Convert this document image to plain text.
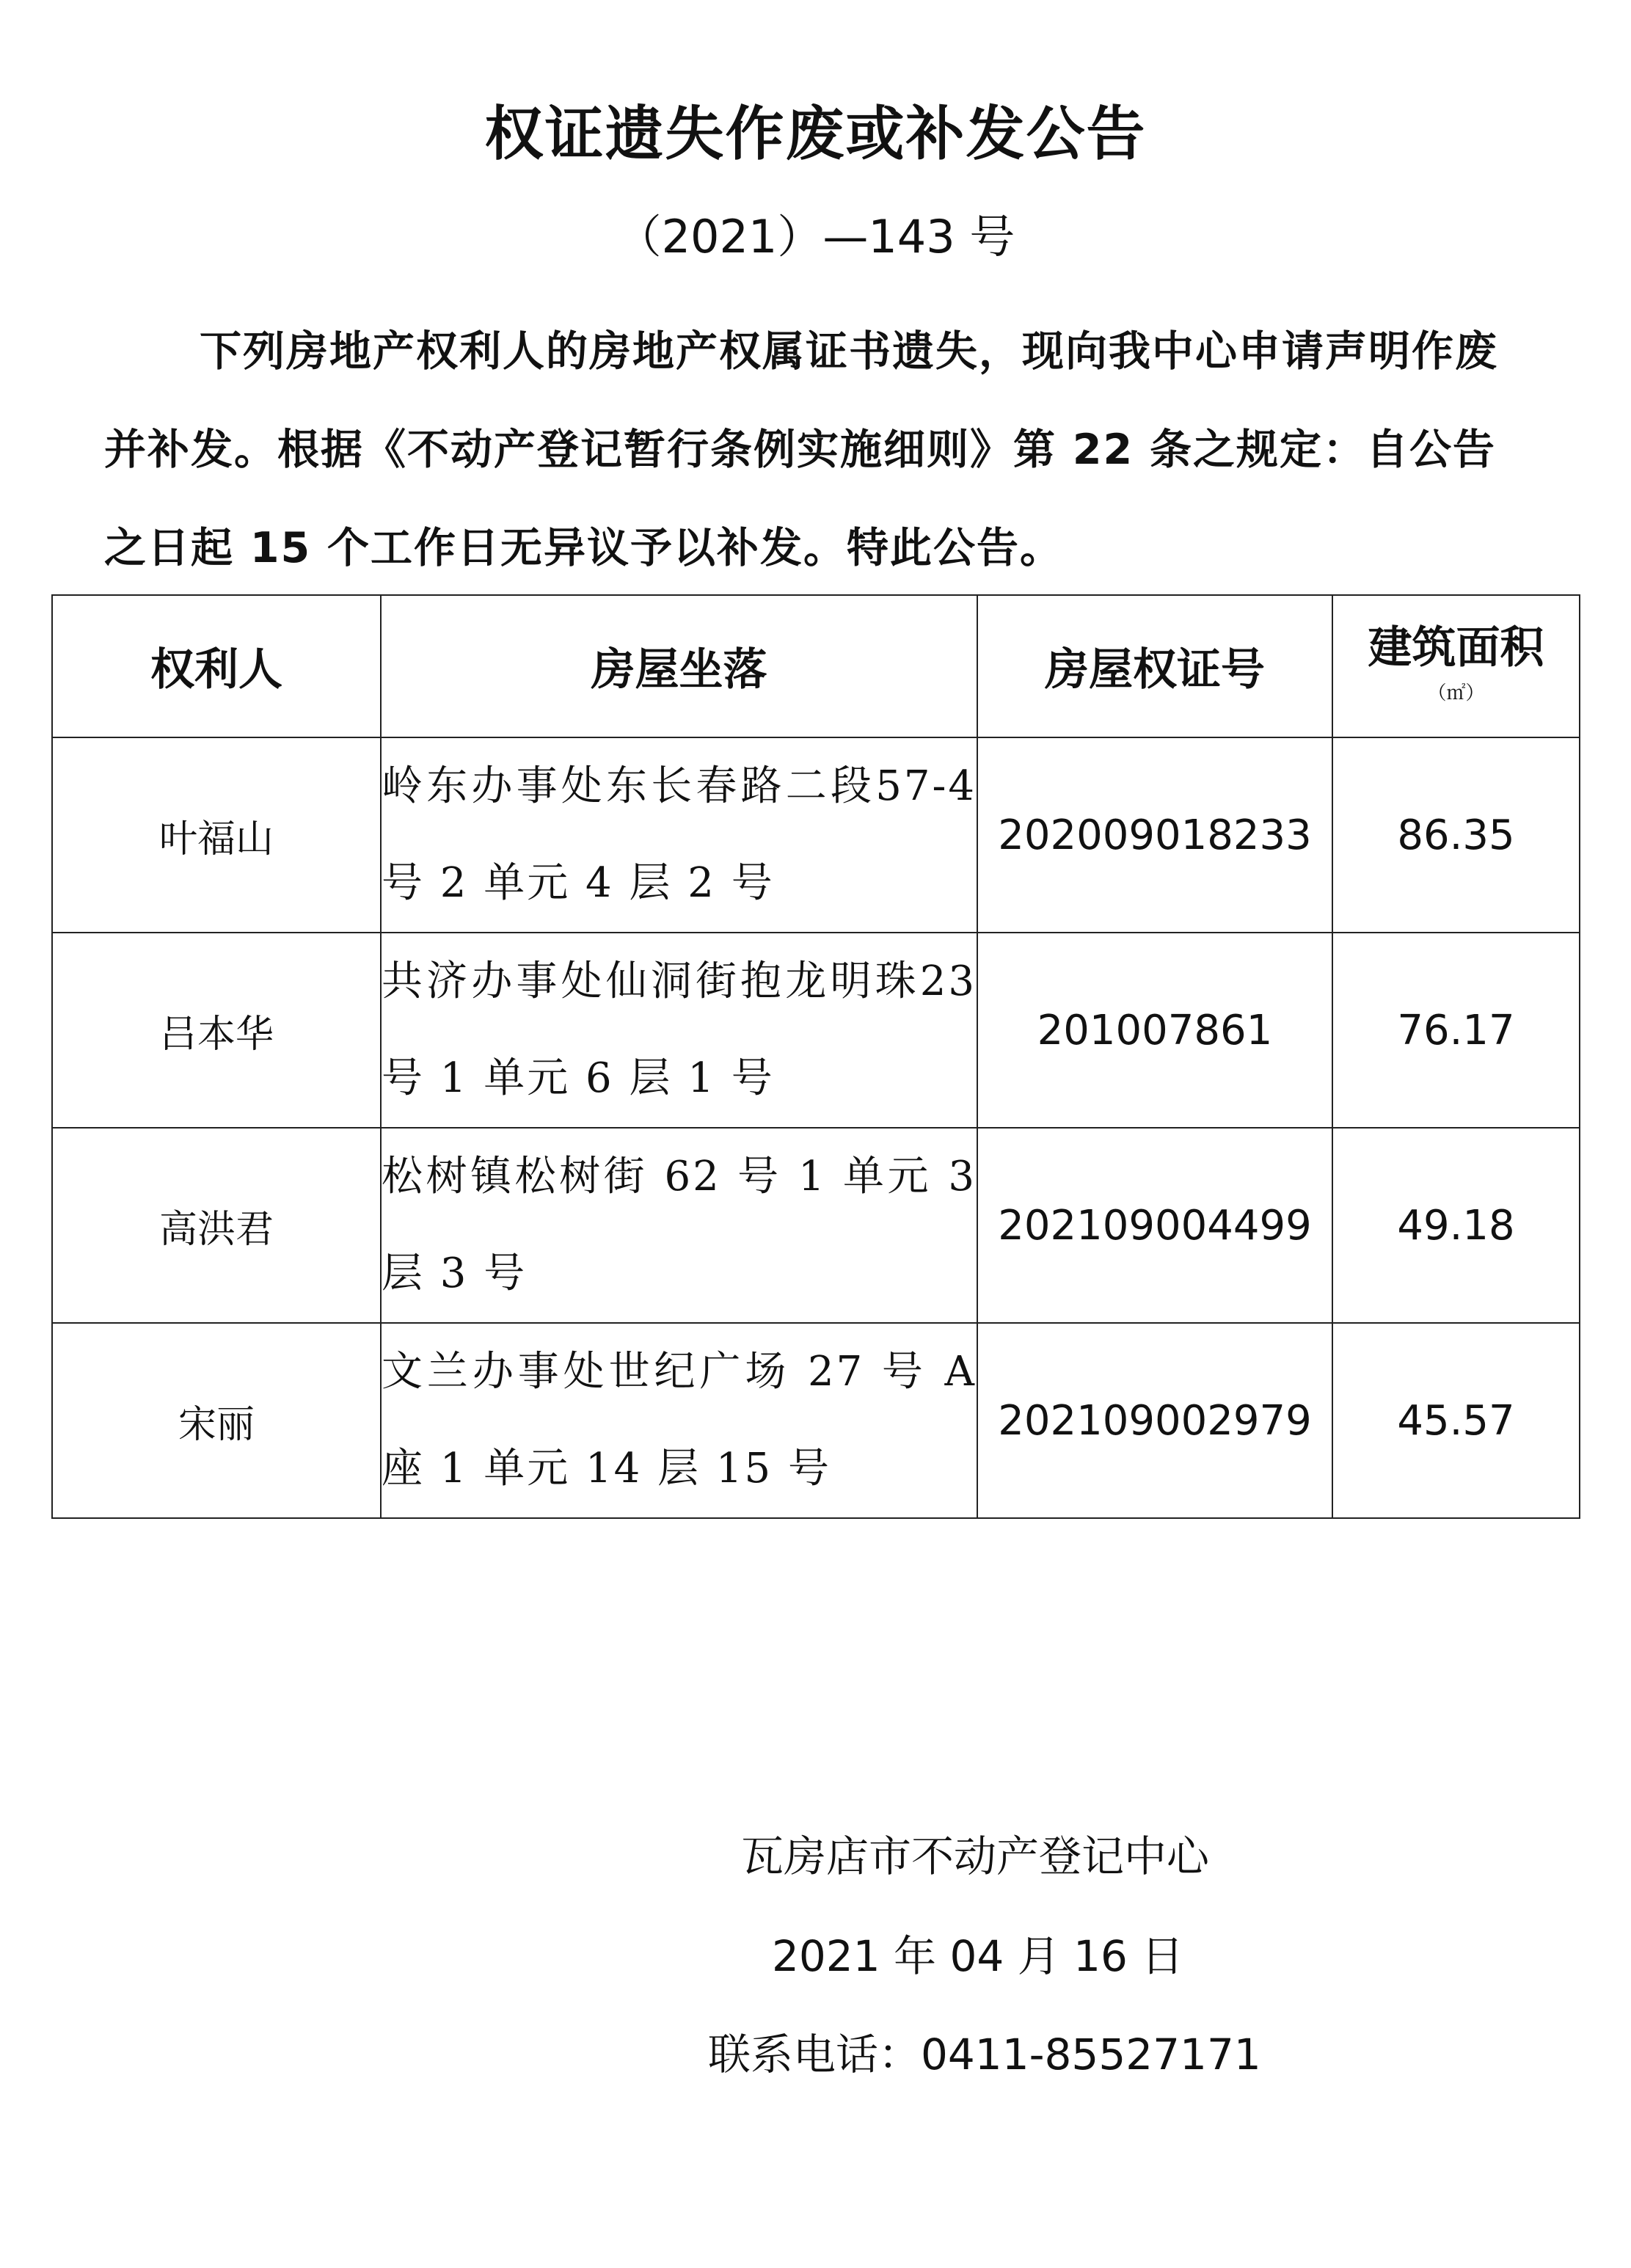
权证遗失作废或补发公告
（2021）—143 号
下列房地产权利人的房地产权属证书遗失，现向我中心申请声明作废并补发。根据《不动产登记暂行条例实施细则》第 22 条之规定：自公告之日起 15 个工作日无异议予以补发。特此公告。
权利人	房屋坐落	房屋权证号	建筑面积
（㎡）

叶福山	岭东办事处东长春路二段57-4 号 2 单元 4 层 2 号	202009018233	86.35
吕本华	共济办事处仙洞街抱龙明珠23 号 1 单元 6 层 1 号	201007861	76.17
高洪君	松树镇松树街 62 号 1 单元 3 层 3 号	202109004499	49.18
宋丽	文兰办事处世纪广场 27 号 A 座 1 单元 14 层 15 号	202109002979	45.57
瓦房店市不动产登记中心
2021 年 04 月 16 日
联系电话：0411-85527171
